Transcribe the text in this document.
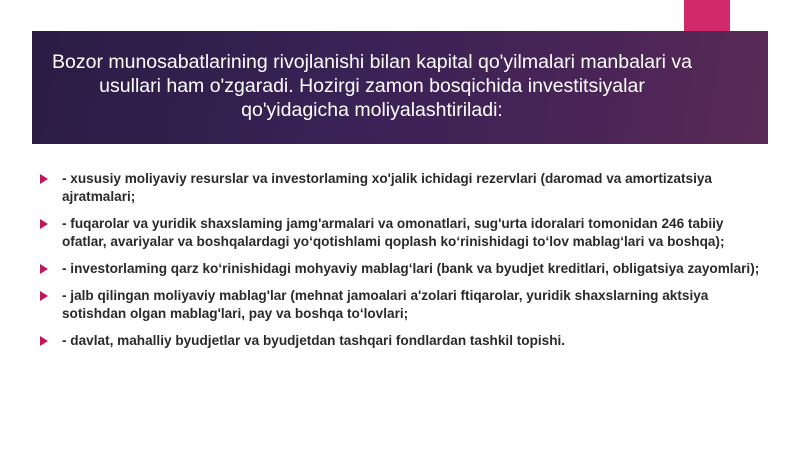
Bozor munosabatlarining rivojlanishi bilan kapital qo'yilmalari manbalari va usullari ham o'zgaradi. Hozirgi zamon bosqichida investitsiyalar qo'yidagicha moliyalashtiriladi:
- xususiy moliyaviy resurslar va investorlaming xo'jalik ichidagi rezervlari (daromad va amortizatsiya ajratmalari;
- fuqarolar va yuridik shaxslaming jamg'armalari va omonatlari, sug'urta idoralari tomonidan 246 tabiiy ofatlar, avariyalar va boshqalardagi yo‘qotishlami qoplash ko‘rinishidagi to‘lov mablag‘lari va boshqa);
- investorlaming qarz ko‘rinishidagi mohyaviy mablag‘lari (bank va byudjet kreditlari, obligatsiya zayomlari);
- jalb qilingan moliyaviy mablag'lar (mehnat jamoalari a'zolari ftiqarolar, yuridik shaxslarning aktsiya sotishdan olgan mablag'lari, pay va boshqa to‘lovlari;
- davlat, mahalliy byudjetlar va byudjetdan tashqari fondlardan tashkil topishi.
